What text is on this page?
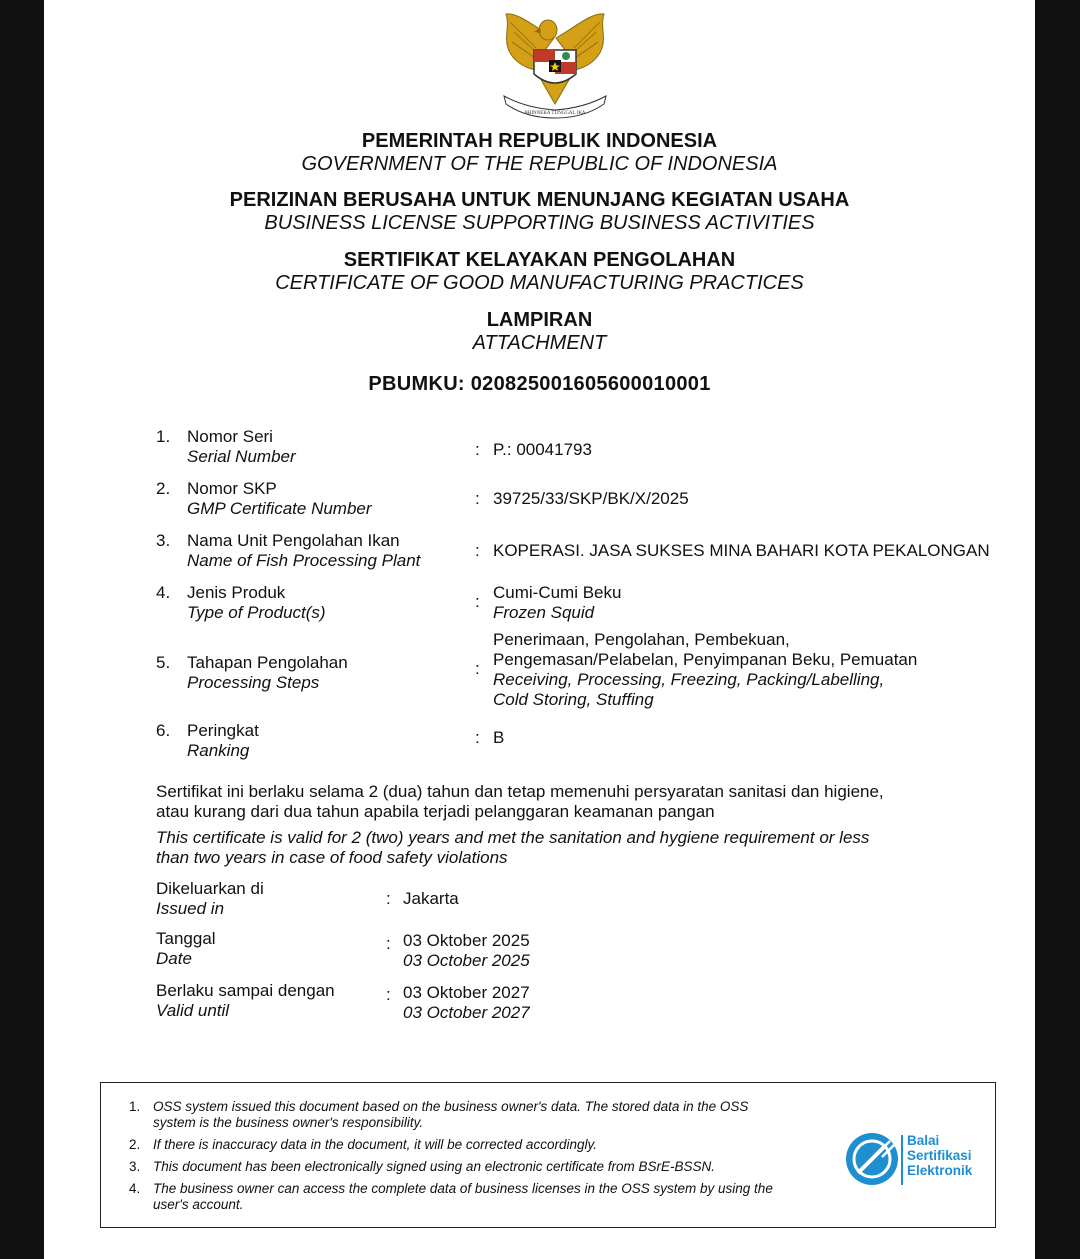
BHINNEKA TUNGGAL IKA
PEMERINTAH REPUBLIK INDONESIA
GOVERNMENT OF THE REPUBLIC OF INDONESIA
PERIZINAN BERUSAHA UNTUK MENUNJANG KEGIATAN USAHA
BUSINESS LICENSE SUPPORTING BUSINESS ACTIVITIES
SERTIFIKAT KELAYAKAN PENGOLAHAN
CERTIFICATE OF GOOD MANUFACTURING PRACTICES
LAMPIRAN
ATTACHMENT
PBUMKU: 020825001605600010001
1. Nomor Seri
Serial Number	: P.: 00041793
2. Nomor SKP
GMP Certificate Number
: 39725/33/SKP/BK/X/2025
3. Nama Unit Pengolahan Ikan
Name of Fish Processing Plant
: KOPERASI. JASA SUKSES MINA BAHARI KOTA PEKALONGAN
4. Jenis Produk
Type of Product(s)
: Cumi-Cumi Beku
Frozen Squid
5. Tahapan Pengolahan
Processing Steps
:
Penerimaan, Pengolahan, Pembekuan,
Pengemasan/Pelabelan, Penyimpanan Beku, Pemuatan
Receiving, Processing, Freezing, Packing/Labelling,
Cold Storing, Stuffing
6. Peringkat
Ranking
: B
Sertifikat ini berlaku selama 2 (dua) tahun dan tetap memenuhi persyaratan sanitasi dan higiene,
atau kurang dari dua tahun apabila terjadi pelanggaran keamanan pangan
This certificate is valid for 2 (two) years and met the sanitation and hygiene requirement or less
than two years in case of food safety violations
Dikeluarkan di
Issued in
: Jakarta
Tanggal
Date
: 03 Oktober 2025
03 October 2025
Berlaku sampai dengan
Valid until
: 03 Oktober 2027
03 October 2027
1. OSS system issued this document based on the business owner's data. The stored data in the OSS
system is the business owner's responsibility.
2. If there is inaccuracy data in the document, it will be corrected accordingly.
3. This document has been electronically signed using an electronic certificate from BSrE-BSSN.
4. The business owner can access the complete data of business licenses in the OSS system by using the
user's account.
Balai
Sertifikasi
Elektronik
